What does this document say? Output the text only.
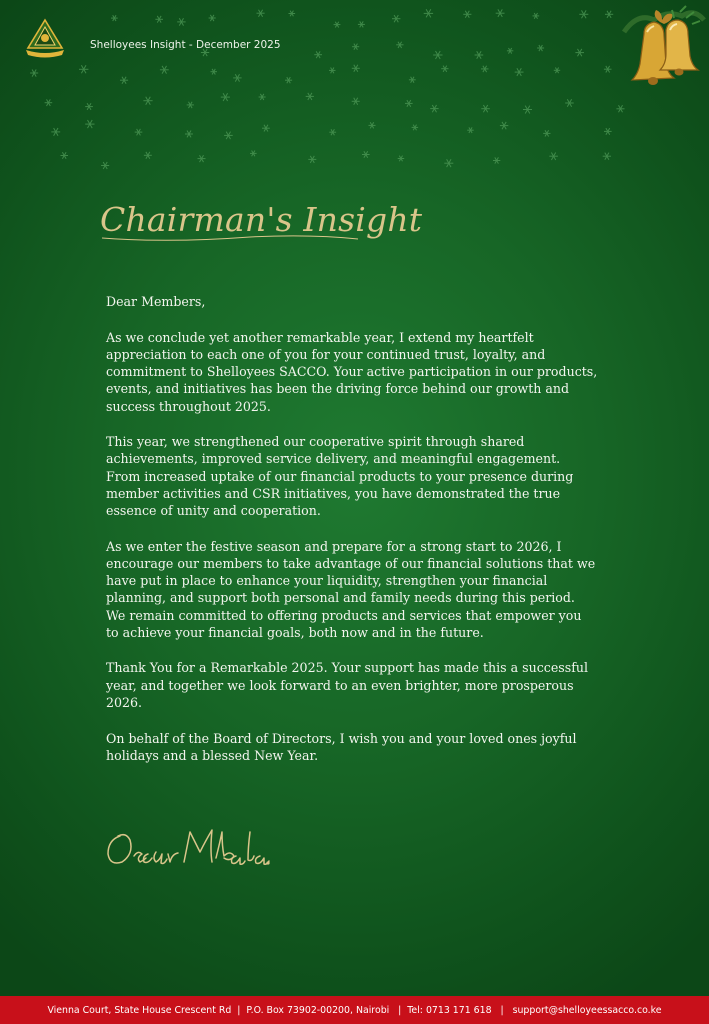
Shelloyees Insight - December 2025
Chairman's Insight

Dear Members,

As we conclude yet another remarkable year, I extend my heartfelt appreciation to each one of you for your continued trust, loyalty, and commitment to Shelloyees SACCO. Your active participation in our products, events, and initiatives has been the driving force behind our growth and success throughout 2025.

This year, we strengthened our cooperative spirit through shared achievements, improved service delivery, and meaningful engagement. From increased uptake of our financial products to your presence during member activities and CSR initiatives, you have demonstrated the true essence of unity and cooperation.

As we enter the festive season and prepare for a strong start to 2026, I encourage our members to take advantage of our financial solutions that we have put in place to enhance your liquidity, strengthen your financial planning, and support both personal and family needs during this period. We remain committed to offering products and services that empower you to achieve your financial goals, both now and in the future.

Thank You for a Remarkable 2025. Your support has made this a successful year, and together we look forward to an even brighter, more prosperous 2026.

On behalf of the Board of Directors, I wish you and your loved ones joyful holidays and a blessed New Year.

Vienna Court, State House Crescent Rd  |  P.O. Box 73902-00200, Nairobi   |  Tel: 0713 171 618   |   support@shelloyeessacco.co.ke
